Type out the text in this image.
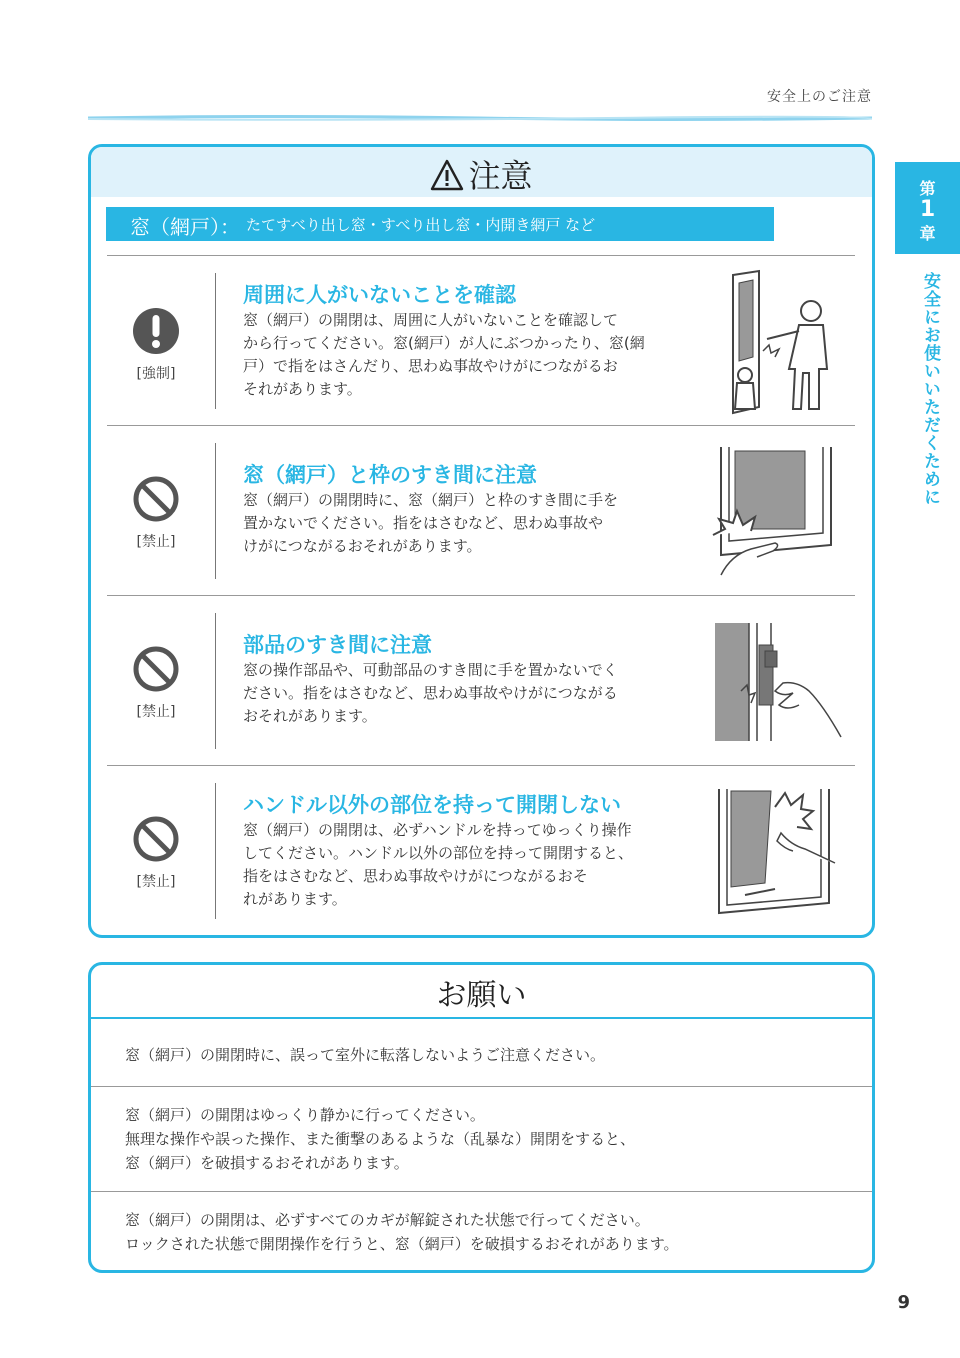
安全上のご注意
第
1
章
安全にお使いいただくために
注意
窓（網戸）： たてすべり出し窓・すべり出し窓・内開き網戸 など
[強制]
周囲に人がいないことを確認
窓（網戸）の開閉は、周囲に人がいないことを確認して
から行ってください。窓(網戸）が人にぶつかったり、窓(網
戸）で指をはさんだり、思わぬ事故やけがにつながるお
それがあります。
[禁止]
窓（網戸）と枠のすき間に注意
窓（網戸）の開閉時に、窓（網戸）と枠のすき間に手を
置かないでください。指をはさむなど、思わぬ事故や
けがにつながるおそれがあります。
[禁止]
部品のすき間に注意
窓の操作部品や、可動部品のすき間に手を置かないでく
ださい。指をはさむなど、思わぬ事故やけがにつながる
おそれがあります。
[禁止]
ハンドル以外の部位を持って開閉しない
窓（網戸）の開閉は、必ずハンドルを持ってゆっくり操作
してください。ハンドル以外の部位を持って開閉すると、
指をはさむなど、思わぬ事故やけがにつながるおそ
れがあります。
お願い
窓（網戸）の開閉時に、誤って室外に転落しないようご注意ください。
窓（網戸）の開閉はゆっくり静かに行ってください。
無理な操作や誤った操作、また衝撃のあるような（乱暴な）開閉をすると、
窓（網戸）を破損するおそれがあります。
窓（網戸）の開閉は、必ずすべてのカギが解錠された状態で行ってください。
ロックされた状態で開閉操作を行うと、窓（網戸）を破損するおそれがあります。
9
